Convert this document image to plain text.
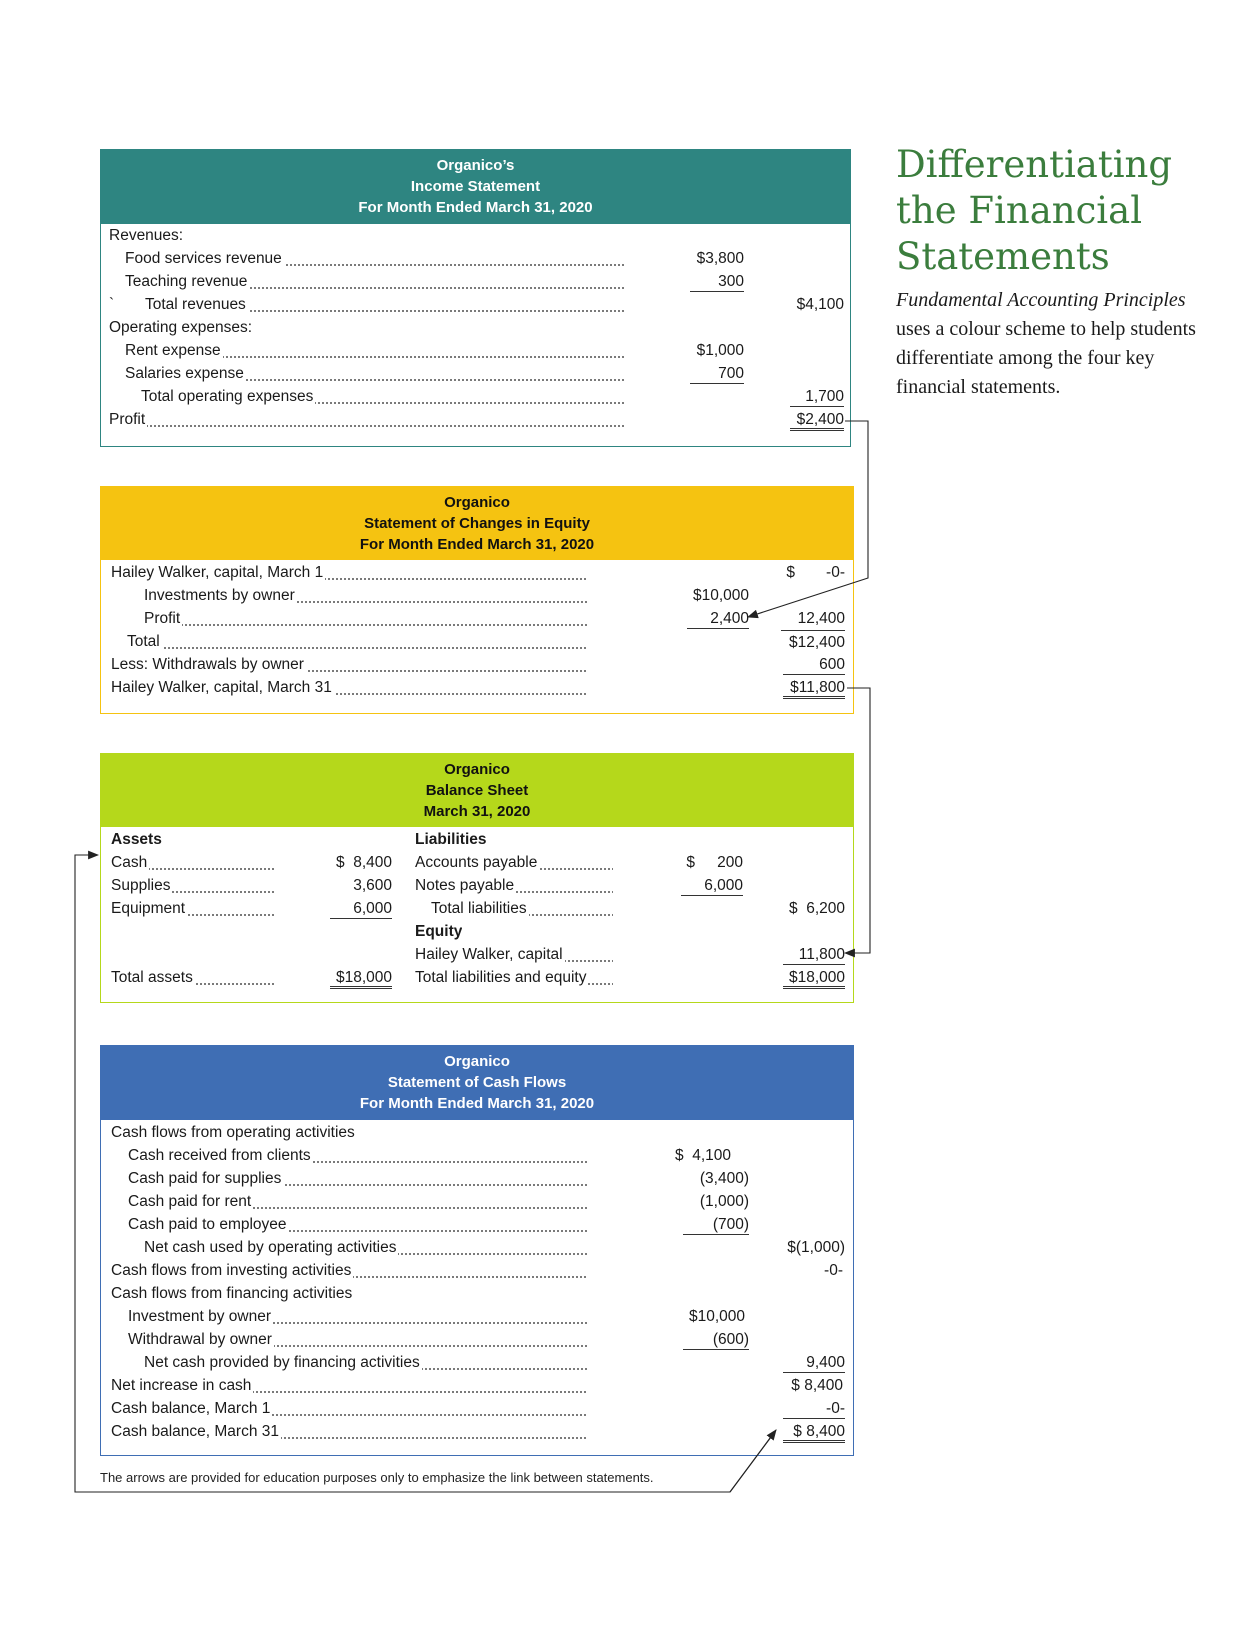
Differentiating the Financial Statements
Fundamental Accounting Principles uses a colour scheme to help students differentiate among the four key financial statements.
Organico’s
Income Statement
For Month Ended March 31, 2020
Revenues:
Food services revenue	$3,800
Teaching revenue	300
` Total revenues	$4,100
Operating expenses:
Rent expense	$1,000
Salaries expense	700
Total operating expenses	1,700
Profit	$2,400
Organico
Statement of Changes in Equity
For Month Ended March 31, 2020
Hailey Walker, capital, March 1	$	-0-
Investments by owner	$10,000
Profit	2,400	12,400
Total	$12,400
Less: Withdrawals by owner	600
Hailey Walker, capital, March 31	$11,800
Organico
Balance Sheet
March 31, 2020
Assets	Liabilities
Cash	$  8,400 Accounts payable	$	200
Supplies	3,600 Notes payable	6,000
Equipment	6,000	Total liabilities	$  6,200
Equity
Hailey Walker, capital	11,800
Total assets	$18,000 Total liabilities and equity	$18,000
Organico
Statement of Cash Flows
For Month Ended March 31, 2020
Cash flows from operating activities
Cash received from clients	$  4,100
Cash paid for supplies	(3,400)
Cash paid for rent	(1,000)
Cash paid to employee	(700)
Net cash used by operating activities	$(1,000)
Cash flows from investing activities	-0-
Cash flows from financing activities
Investment by owner	$10,000
Withdrawal by owner	(600)
Net cash provided by financing activities	9,400
Net increase in cash	$ 8,400
Cash balance, March 1	-0-
Cash balance, March 31	$ 8,400
The arrows are provided for education purposes only to emphasize the link between statements.
